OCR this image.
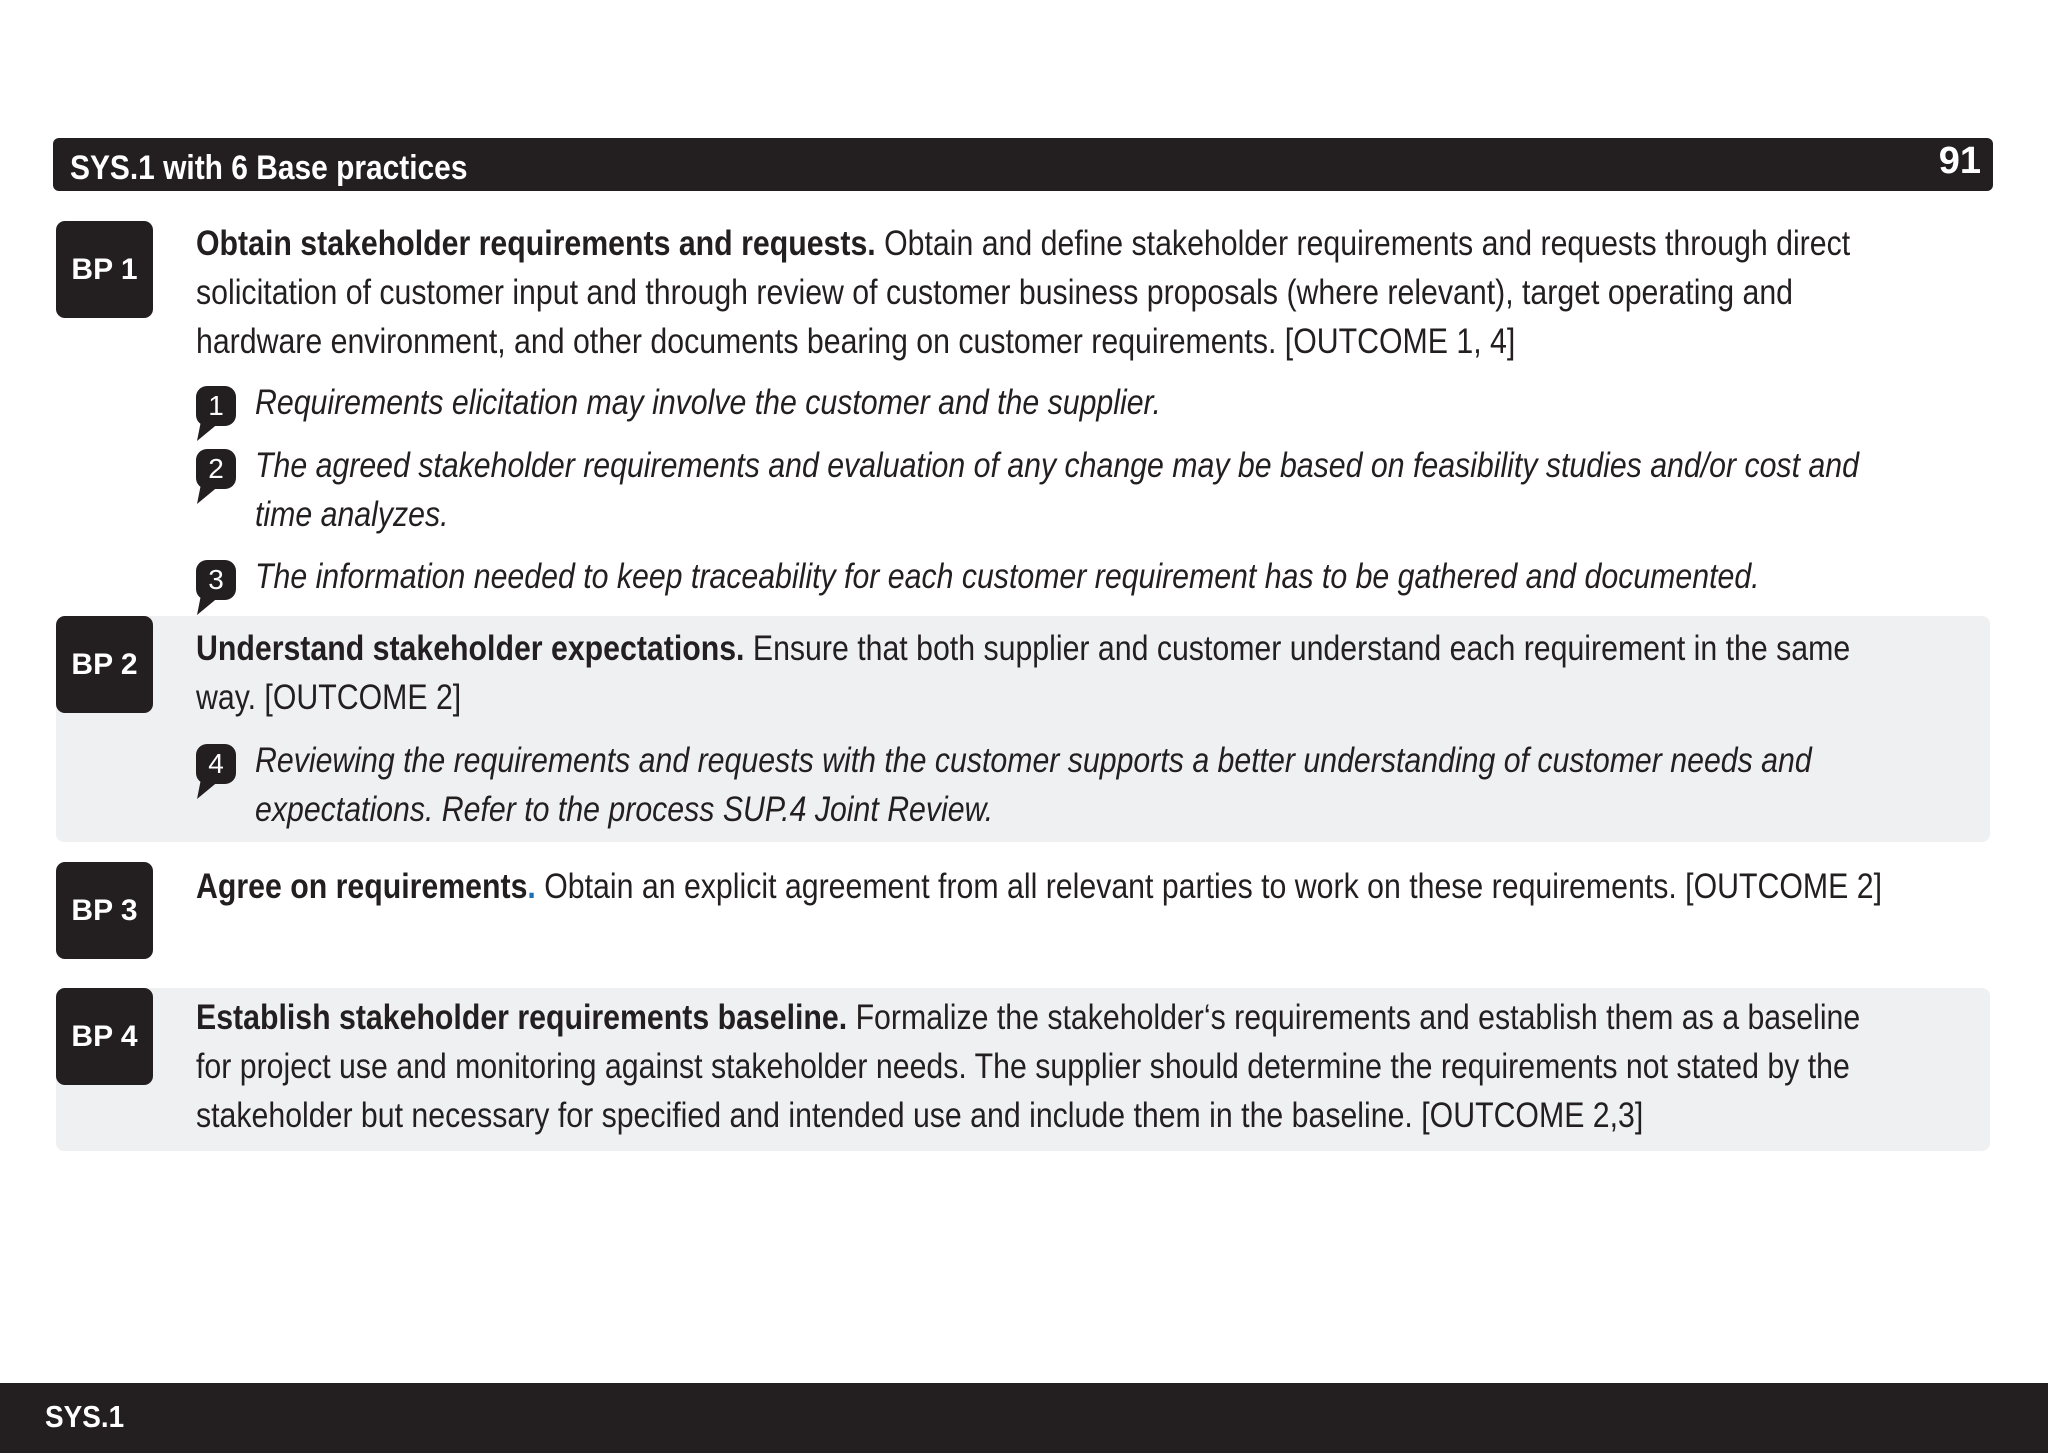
SYS.1 with 6 Base practices	91
BP 1
Obtain stakeholder requirements and requests. Obtain and define stakeholder requirements and requests through direct
solicitation of customer input and through review of customer business proposals (where relevant), target operating and
hardware environment, and other documents bearing on customer requirements. [OUTCOME 1, 4]
1 Requirements elicitation may involve the customer and the supplier.
2 The agreed stakeholder requirements and evaluation of any change may be based on feasibility studies and/or cost and
time analyzes.
3 The information needed to keep traceability for each customer requirement has to be gathered and documented.
BP 2	Understand stakeholder expectations. Ensure that both supplier and customer understand each requirement in the same
way. [OUTCOME 2]
4 Reviewing the requirements and requests with the customer supports a better understanding of customer needs and
expectations. Refer to the process SUP.4 Joint Review.
BP 3
Agree on requirements. Obtain an explicit agreement from all relevant parties to work on these requirements. [OUTCOME 2]
BP 4	Establish stakeholder requirements baseline. Formalize the stakeholder‘s requirements and establish them as a baseline
for project use and monitoring against stakeholder needs. The supplier should determine the requirements not stated by the
stakeholder but necessary for specified and intended use and include them in the baseline. [OUTCOME 2,3]
SYS.1
